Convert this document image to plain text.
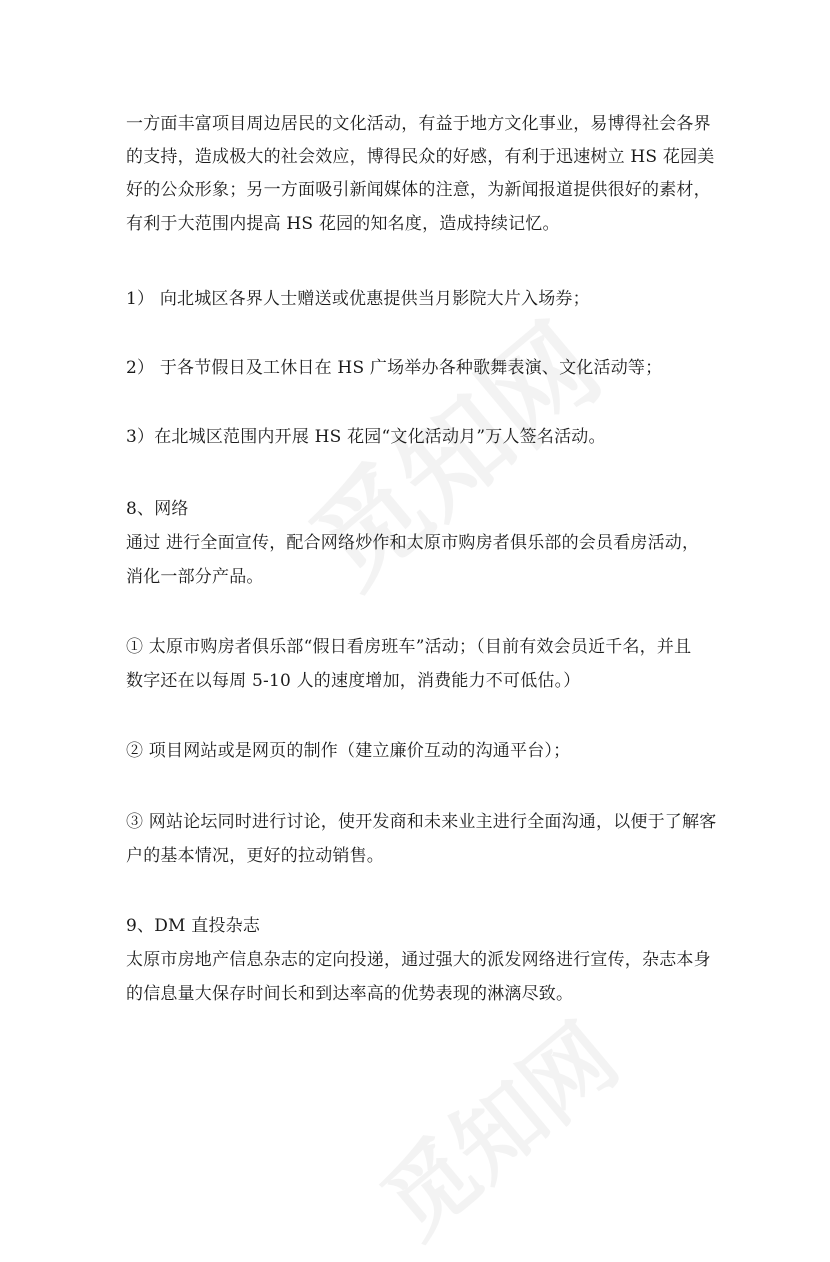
一方面丰富项目周边居民的文化活动，有益于地方文化事业，易博得社会各界
的支持，造成极大的社会效应，博得民众的好感，有利于迅速树立 HS 花园美
好的公众形象；另一方面吸引新闻媒体的注意，为新闻报道提供很好的素材，
有利于大范围内提高 HS 花园的知名度，造成持续记忆。
1） 向北城区各界人士赠送或优惠提供当月影院大片入场券；
2） 于各节假日及工休日在 HS 广场举办各种歌舞表演、文化活动等；
3）在北城区范围内开展 HS 花园“文化活动月”万人签名活动。
8、网络
通过 进行全面宣传，配合网络炒作和太原市购房者俱乐部的会员看房活动，
消化一部分产品。
① 太原市购房者俱乐部“假日看房班车”活动；（目前有效会员近千名，并且
数字还在以每周 5-10 人的速度增加，消费能力不可低估。）
② 项目网站或是网页的制作（建立廉价互动的沟通平台）；
③ 网站论坛同时进行讨论，使开发商和未来业主进行全面沟通，以便于了解客
户的基本情况，更好的拉动销售。
9、DM 直投杂志
太原市房地产信息杂志的定向投递，通过强大的派发网络进行宣传，杂志本身
的信息量大保存时间长和到达率高的优势表现的淋漓尽致。
